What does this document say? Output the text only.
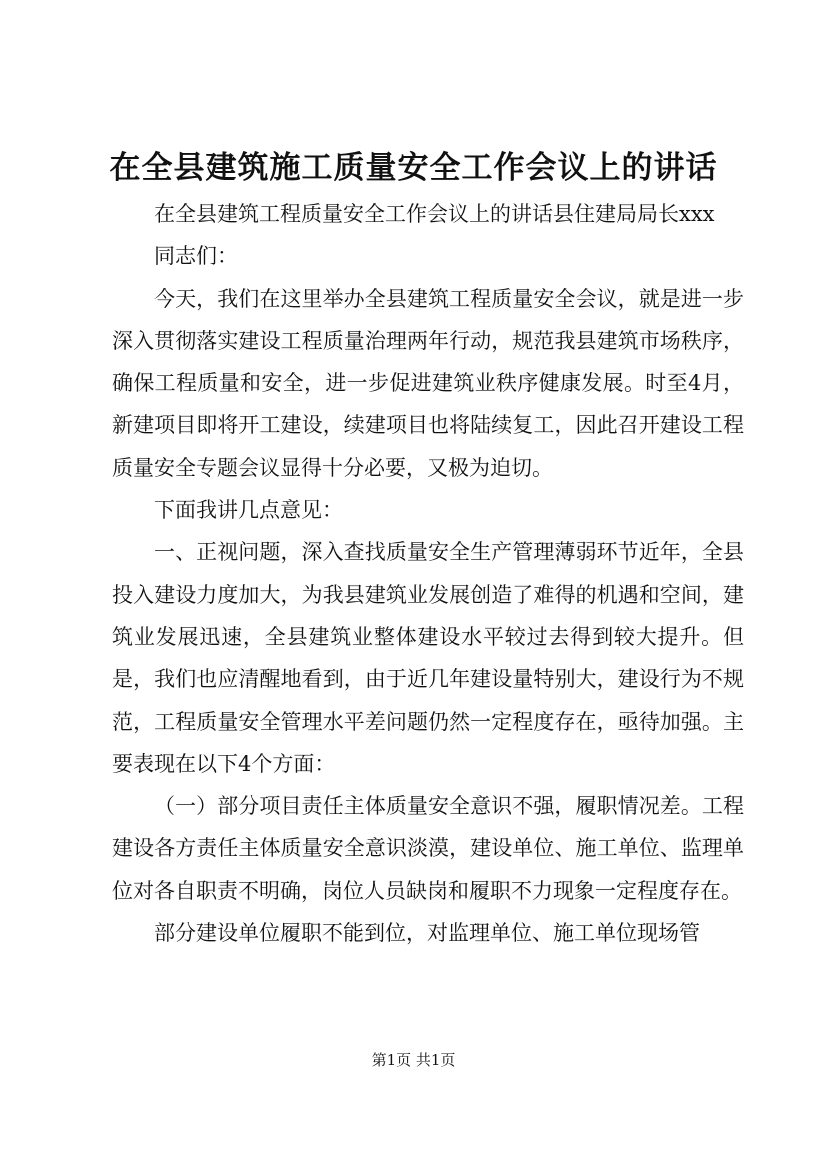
在全县建筑施工质量安全工作会议上的讲话

在全县建筑工程质量安全工作会议上的讲话县住建局局长xxx

同志们：

今天，我们在这里举办全县建筑工程质量安全会议，就是进一步深入贯彻落实建设工程质量治理两年行动，规范我县建筑市场秩序，确保工程质量和安全，进一步促进建筑业秩序健康发展。时至4月，新建项目即将开工建设，续建项目也将陆续复工，因此召开建设工程质量安全专题会议显得十分必要，又极为迫切。

下面我讲几点意见：

一、正视问题，深入查找质量安全生产管理薄弱环节近年，全县投入建设力度加大，为我县建筑业发展创造了难得的机遇和空间，建筑业发展迅速，全县建筑业整体建设水平较过去得到较大提升。但是，我们也应清醒地看到，由于近几年建设量特别大，建设行为不规范，工程质量安全管理水平差问题仍然一定程度存在，亟待加强。主要表现在以下4个方面：

（一）部分项目责任主体质量安全意识不强，履职情况差。工程建设各方责任主体质量安全意识淡漠，建设单位、施工单位、监理单位对各自职责不明确，岗位人员缺岗和履职不力现象一定程度存在。

部分建设单位履职不能到位，对监理单位、施工单位现场管

第1页 共1页
